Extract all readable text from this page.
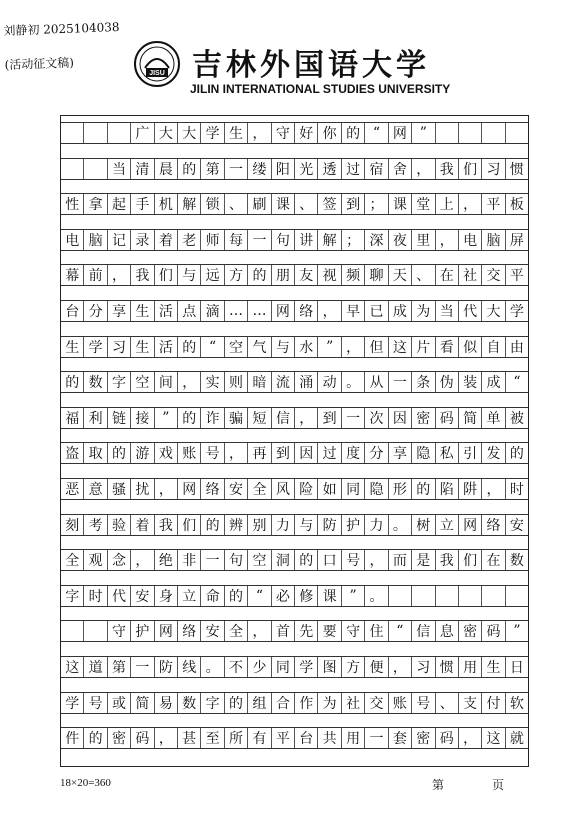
刘静初 2025104038
(活动征文稿)
JISU 吉林外国语大学
JILIN INTERNATIONAL STUDIES UNIVERSITY
广 大 大 学 生 ， 守 好 你 的 “ 网 ”
当 清 晨 的 第 一 缕 阳 光 透 过 宿 舍 ， 我 们 习 惯
性 拿 起 手 机 解 锁 、 刷 课 、 签 到 ； 课 堂 上 ， 平 板
电 脑 记 录 着 老 师 每 一 句 讲 解 ； 深 夜 里 ， 电 脑 屏
幕 前 ， 我 们 与 远 方 的 朋 友 视 频 聊 天 、 在 社 交 平
台 分 享 生 活 点 滴 … … 网 络 ， 早 已 成 为 当 代 大 学
生 学 习 生 活 的 “ 空 气 与 水 ” ， 但 这 片 看 似 自 由
的 数 字 空 间 ， 实 则 暗 流 涌 动 。 从 一 条 伪 装 成 “
福 利 链 接 ” 的 诈 骗 短 信 ， 到 一 次 因 密 码 简 单 被
盗 取 的 游 戏 账 号 ， 再 到 因 过 度 分 享 隐 私 引 发 的
恶 意 骚 扰 ， 网 络 安 全 风 险 如 同 隐 形 的 陷 阱 ， 时
刻 考 验 着 我 们 的 辨 别 力 与 防 护 力 。 树 立 网 络 安
全 观 念 ， 绝 非 一 句 空 洞 的 口 号 ， 而 是 我 们 在 数
字 时 代 安 身 立 命 的 “ 必 修 课 ” 。
守 护 网 络 安 全 ， 首 先 要 守 住 “ 信 息 密 码 ”
这 道 第 一 防 线 。 不 少 同 学 图 方 便 ， 习 惯 用 生 日
学 号 或 简 易 数 字 的 组 合 作 为 社 交 账 号 、 支 付 软
件 的 密 码 ， 甚 至 所 有 平 台 共 用 一 套 密 码 ， 这 就
18×20=360	第	页
